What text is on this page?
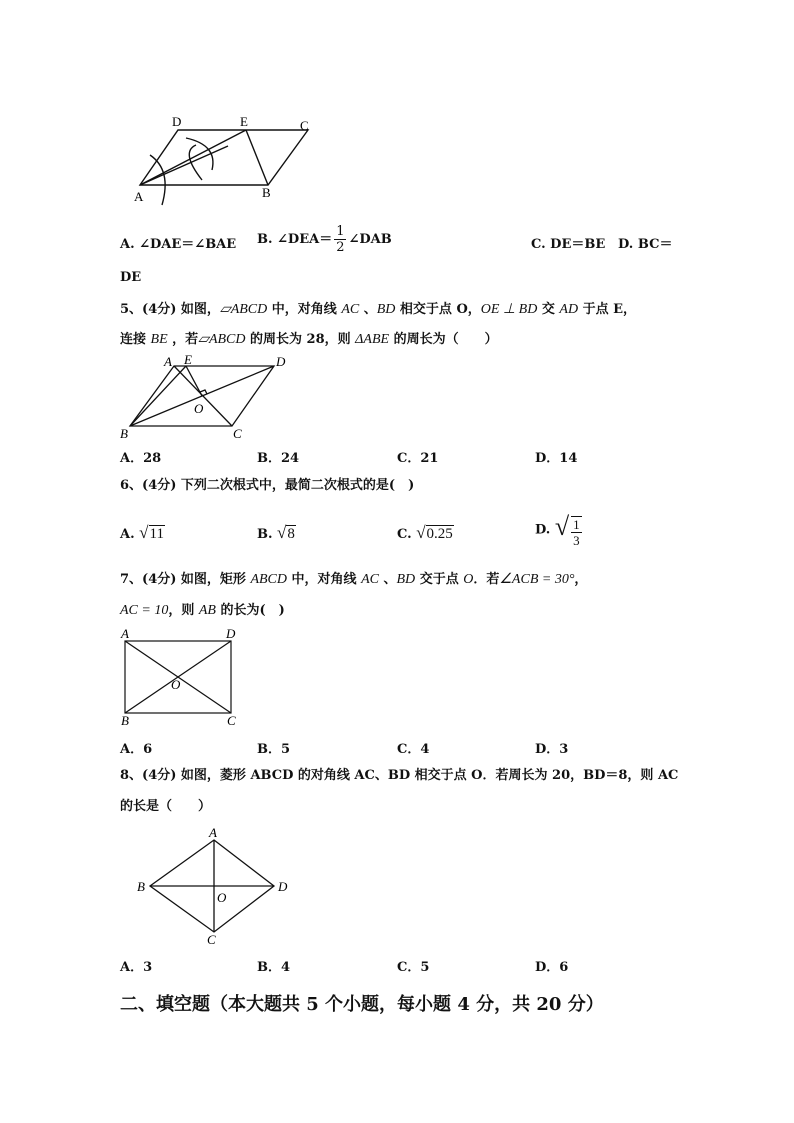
D	E	C
A	B
A. ∠DAE＝∠BAE B. ∠DEA＝ $\frac{1}{2}$ ∠DAB	C. DE＝BE D. BC＝
DE
5、(4分) 如图，▱ABCD 中，对角线 AC 、BD 相交于点 O，OE ⊥ BD 交 AD 于点 E，
连接 BE ，若▱ABCD 的周长为 28，则 ΔABE 的周长为（　　）
A E	D
B	C
O
A．28	B．24	C．21	D．14
6、(4分) 下列二次根式中，最简二次根式的是(　)
A. √11	B. √8	C. √0.25	D. √ $\frac{1}{3}$
7、(4分) 如图，矩形 ABCD 中，对角线 AC 、BD 交于点 O．若∠ACB = 30°，
AC = 10，则 AB 的长为(　)
A	D
B	C
O
A．6	B．5	C．4	D．3
8、(4分) 如图，菱形 ABCD 的对角线 AC、BD 相交于点 O．若周长为 20，BD＝8，则 AC
的长是（　　）
A
B	D
C
O
A．3	B．4	C．5	D．6
二、填空题（本大题共 5 个小题，每小题 4 分，共 20 分）
